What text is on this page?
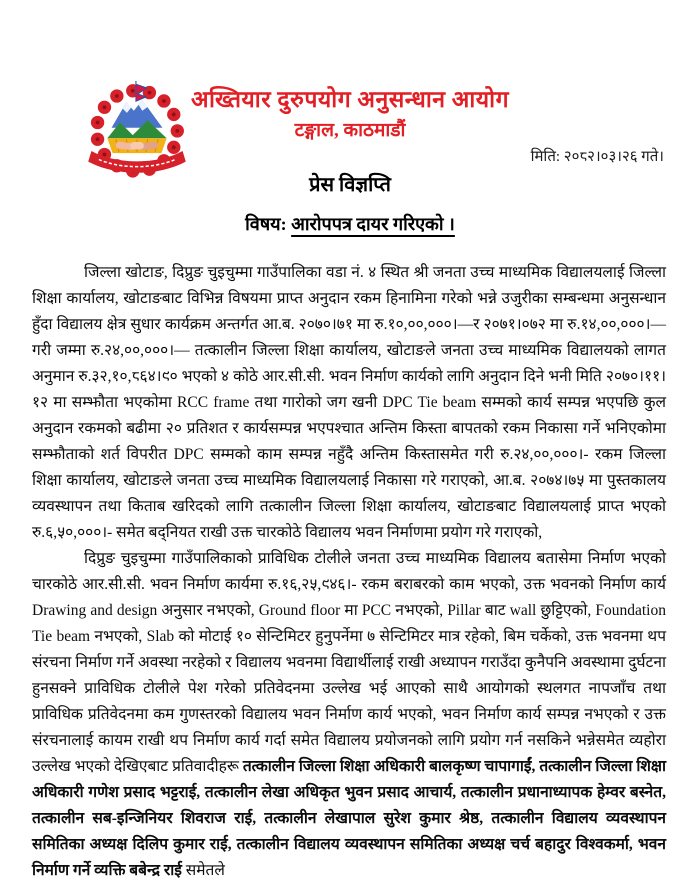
अख्तियार दुरुपयोग अनुसन्धान आयोग
टङ्गाल, काठमाडौं
मिति: २०८२।०३।२६ गते।
प्रेस विज्ञप्ति
विषय: आरोपपत्र दायर गरिएको ।

जिल्ला खोटाङ, दिप्रुङ चुइचुम्मा गाउँपालिका वडा नं. ४ स्थित श्री जनता उच्च माध्यमिक विद्यालयलाई जिल्ला शिक्षा कार्यालय, खोटाङबाट विभिन्न विषयमा प्राप्त अनुदान रकम हिनामिना गरेको भन्ने उजुरीका सम्बन्धमा अनुसन्धान हुँदा विद्यालय क्षेत्र सुधार कार्यक्रम अन्तर्गत आ.ब. २०७०।७१ मा रु.१०,००,०००।—र २०७१।०७२ मा रु.१४,००,०००।— गरी जम्मा रु.२४,००,०००।— तत्कालीन जिल्ला शिक्षा कार्यालय, खोटाङले जनता उच्च माध्यमिक विद्यालयको लागत अनुमान रु.३२,१०,८६४।९० भएको ४ कोठे आर.सी.सी. भवन निर्माण कार्यको लागि अनुदान दिने भनी मिति २०७०।११।१२ मा सम्झौता भएकोमा RCC frame तथा गारोको जग खनी DPC Tie beam सम्मको कार्य सम्पन्न भएपछि कुल अनुदान रकमको बढीमा २० प्रतिशत र कार्यसम्पन्न भएपश्चात अन्तिम किस्ता बापतको रकम निकासा गर्ने भनिएकोमा सम्झौताको शर्त विपरीत DPC सम्मको काम सम्पन्न नहुँदै अन्तिम किस्तासमेत गरी रु.२४,००,०००।- रकम जिल्ला शिक्षा कार्यालय, खोटाङले जनता उच्च माध्यमिक विद्यालयलाई निकासा गरे गराएको, आ.ब. २०७४।७५ मा पुस्तकालय व्यवस्थापन तथा किताब खरिदको लागि तत्कालीन जिल्ला शिक्षा कार्यालय, खोटाङबाट विद्यालयलाई प्राप्त भएको रु.६,५०,०००।- समेत बद्नियत राखी उक्त चारकोठे विद्यालय भवन निर्माणमा प्रयोग गरे गराएको,

दिप्रुङ चुइचुम्मा गाउँपालिकाको प्राविधिक टोलीले जनता उच्च माध्यमिक विद्यालय बतासेमा निर्माण भएको चारकोठे आर.सी.सी. भवन निर्माण कार्यमा रु.१६,२५,९४६।- रकम बराबरको काम भएको, उक्त भवनको निर्माण कार्य Drawing and design अनुसार नभएको, Ground floor मा PCC नभएको, Pillar बाट wall छुट्टिएको, Foundation Tie beam नभएको, Slab को मोटाई १० सेन्टिमिटर हुनुपर्नेमा ७ सेन्टिमिटर मात्र रहेको, बिम चर्केको, उक्त भवनमा थप संरचना निर्माण गर्ने अवस्था नरहेको र विद्यालय भवनमा विद्यार्थीलाई राखी अध्यापन गराउँदा कुनैपनि अवस्थामा दुर्घटना हुनसक्ने प्राविधिक टोलीले पेश गरेको प्रतिवेदनमा उल्लेख भई आएको साथै आयोगको स्थलगत नापजाँच तथा प्राविधिक प्रतिवेदनमा कम गुणस्तरको विद्यालय भवन निर्माण कार्य भएको, भवन निर्माण कार्य सम्पन्न नभएको र उक्त संरचनालाई कायम राखी थप निर्माण कार्य गर्दा समेत विद्यालय प्रयोजनको लागि प्रयोग गर्न नसकिने भन्नेसमेत व्यहोरा उल्लेख भएको देखिएबाट प्रतिवादीहरू तत्कालीन जिल्ला शिक्षा अधिकारी बालकृष्ण चापागाईं, तत्कालीन जिल्ला शिक्षा अधिकारी गणेश प्रसाद भट्टराई, तत्कालीन लेखा अधिकृत भुवन प्रसाद आचार्य, तत्कालीन प्रधानाध्यापक हेम्वर बस्नेत, तत्कालीन सब-इन्जिनियर शिवराज राई, तत्कालीन लेखापाल सुरेश कुमार श्रेष्ठ, तत्कालीन विद्यालय व्यवस्थापन समितिका अध्यक्ष दिलिप कुमार राई, तत्कालीन विद्यालय व्यवस्थापन समितिका अध्यक्ष चर्च बहादुर विश्वकर्मा, भवन निर्माण गर्ने व्यक्ति बबेन्द्र राई समेतले
